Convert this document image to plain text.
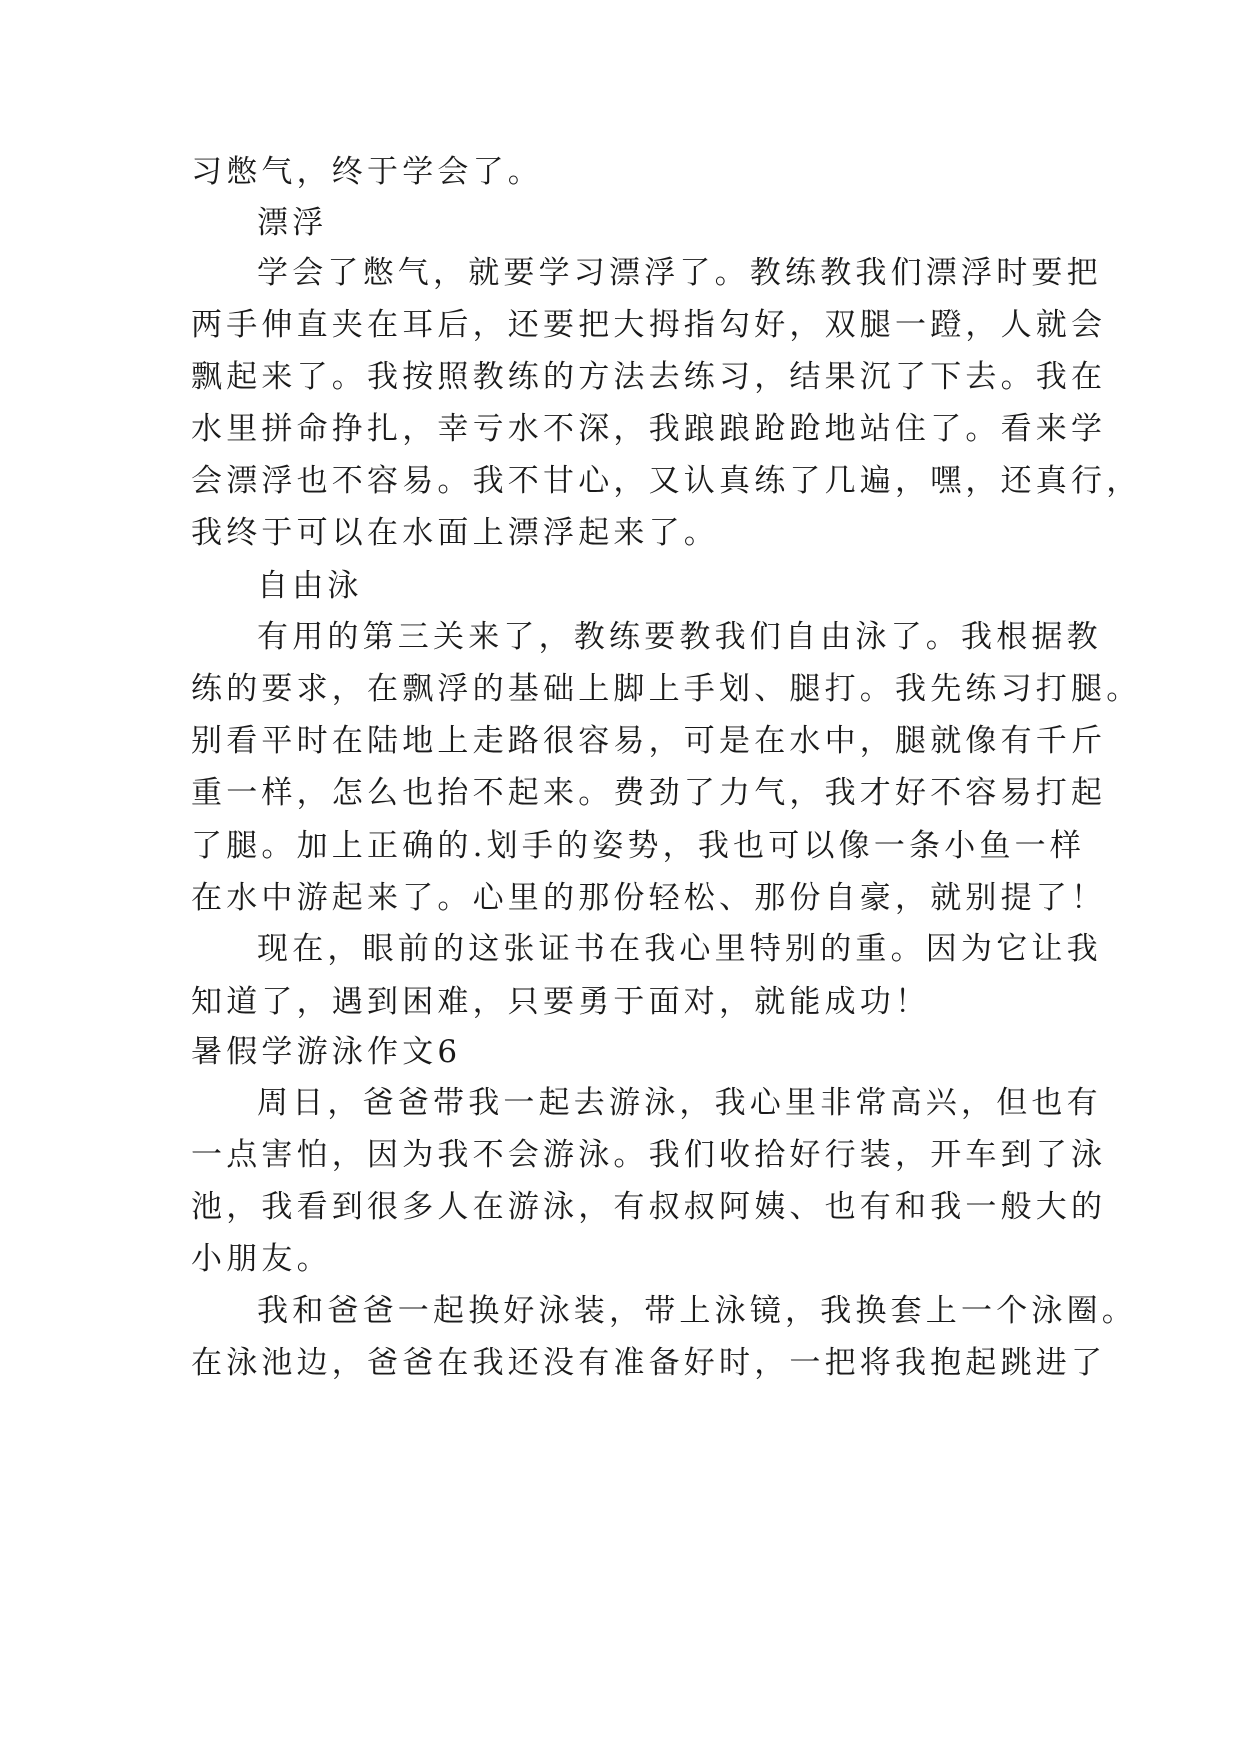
习憋气，终于学会了。
漂浮
学会了憋气，就要学习漂浮了。教练教我们漂浮时要把
两手伸直夹在耳后，还要把大拇指勾好，双腿一蹬，人就会
飘起来了。我按照教练的方法去练习，结果沉了下去。我在
水里拼命挣扎，幸亏水不深，我踉踉跄跄地站住了。看来学
会漂浮也不容易。我不甘心，又认真练了几遍，嘿，还真行，
我终于可以在水面上漂浮起来了。
自由泳
有用的第三关来了，教练要教我们自由泳了。我根据教
练的要求，在飘浮的基础上脚上手划、腿打。我先练习打腿。
别看平时在陆地上走路很容易，可是在水中，腿就像有千斤
重一样，怎么也抬不起来。费劲了力气，我才好不容易打起
了腿。加上正确的.划手的姿势，我也可以像一条小鱼一样
在水中游起来了。心里的那份轻松、那份自豪，就别提了！
现在，眼前的这张证书在我心里特别的重。因为它让我
知道了，遇到困难，只要勇于面对，就能成功！
暑假学游泳作文6
周日，爸爸带我一起去游泳，我心里非常高兴，但也有
一点害怕，因为我不会游泳。我们收拾好行装，开车到了泳
池，我看到很多人在游泳，有叔叔阿姨、也有和我一般大的
小朋友。
我和爸爸一起换好泳装，带上泳镜，我换套上一个泳圈。
在泳池边，爸爸在我还没有准备好时，一把将我抱起跳进了
